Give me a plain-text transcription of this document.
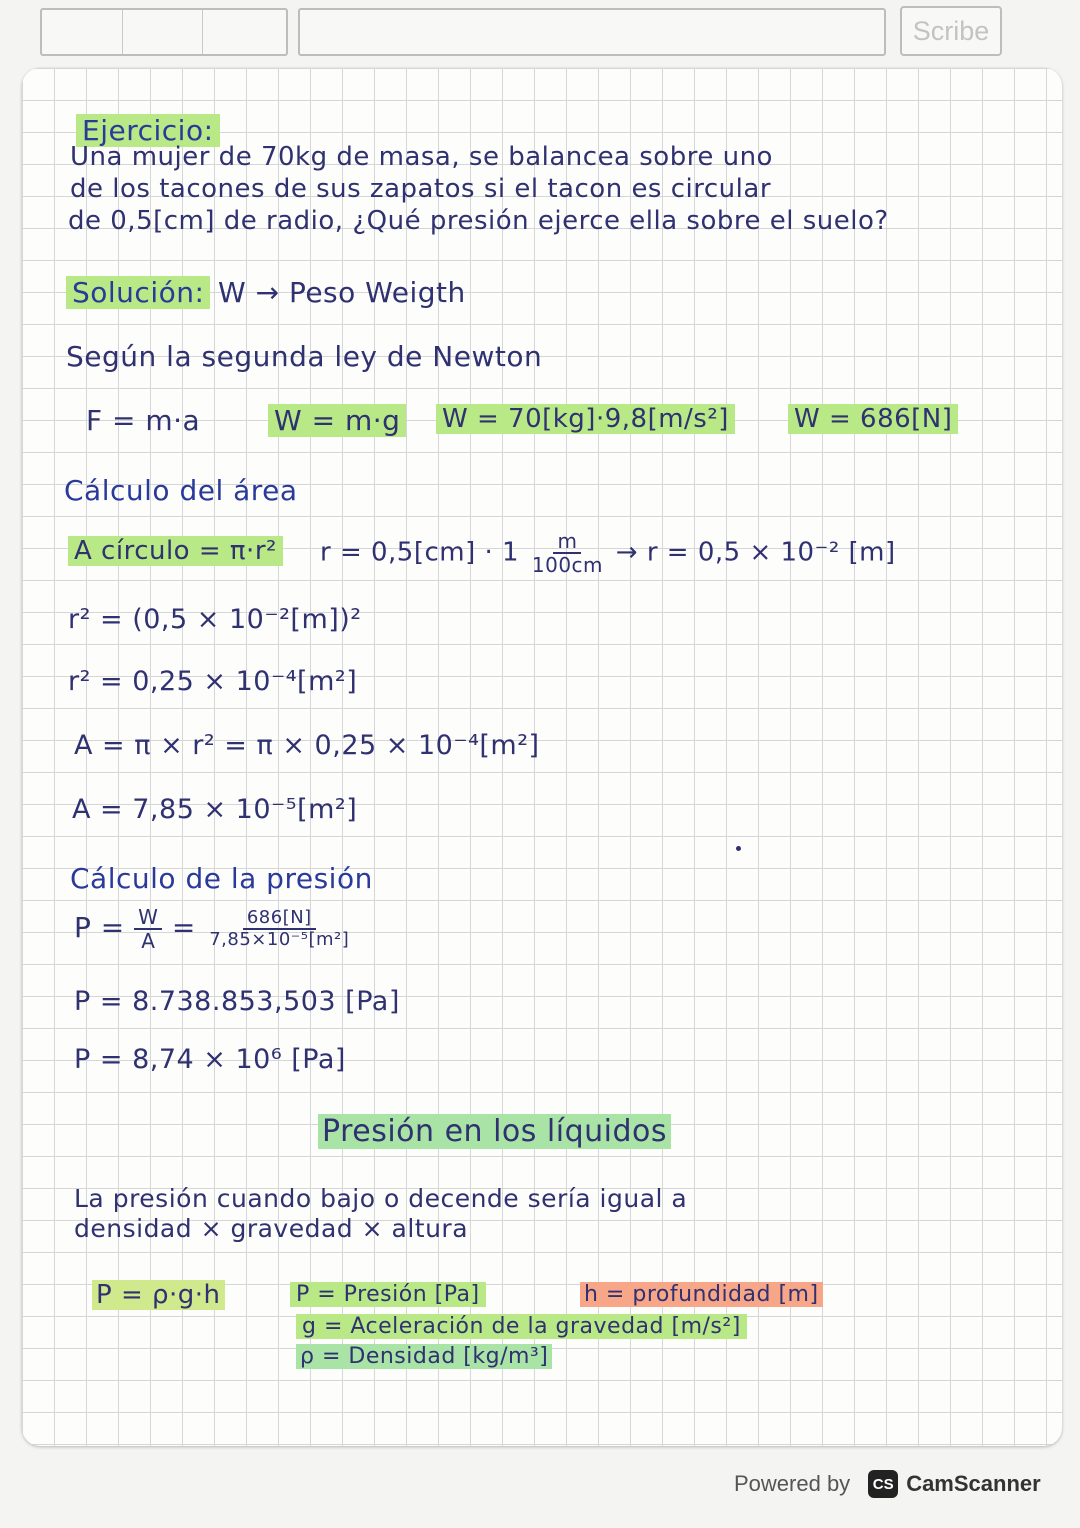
Scribe

Ejercicio:

Una mujer de 70kg de masa, se balancea sobre uno

de los tacones de sus zapatos si el tacon es circular

de 0,5[cm] de radio, ¿Qué presión ejerce ella sobre el suelo?

Solución: W → Peso Weigth

Según la segunda ley de Newton

F = m·a	W = m·g W = 70[kg]·9,8[m/s²]	W = 686[N]

Cálculo del área

A círculo = π·r² $r = 0,5[cm] \cdot 1 \frac{m}{100cm} \to r = 0,5 \times 10^{-2}$ [m]

r² = (0,5 × 10⁻²[m])²

r² = 0,25 × 10⁻⁴[m²]

A = π × r² = π × 0,25 × 10⁻⁴[m²]

A = 7,85 × 10⁻⁵[m²]

Cálculo de la presión

$P = \frac{W}{A} = \frac{686[N]}{\text{7,85×10⁻⁵[m²]}}$

P = 8.738.853,503 [Pa]

P = 8,74 × 10⁶ [Pa]

Presión en los líquidos

La presión cuando bajo o decende sería igual a

densidad × gravedad × altura

P = ρ·g·h	P = Presión [Pa]	h = profundidad [m]

g = Aceleración de la gravedad [m/s²]

ρ = Densidad [kg/m³]

Powered by	CS CamScanner
